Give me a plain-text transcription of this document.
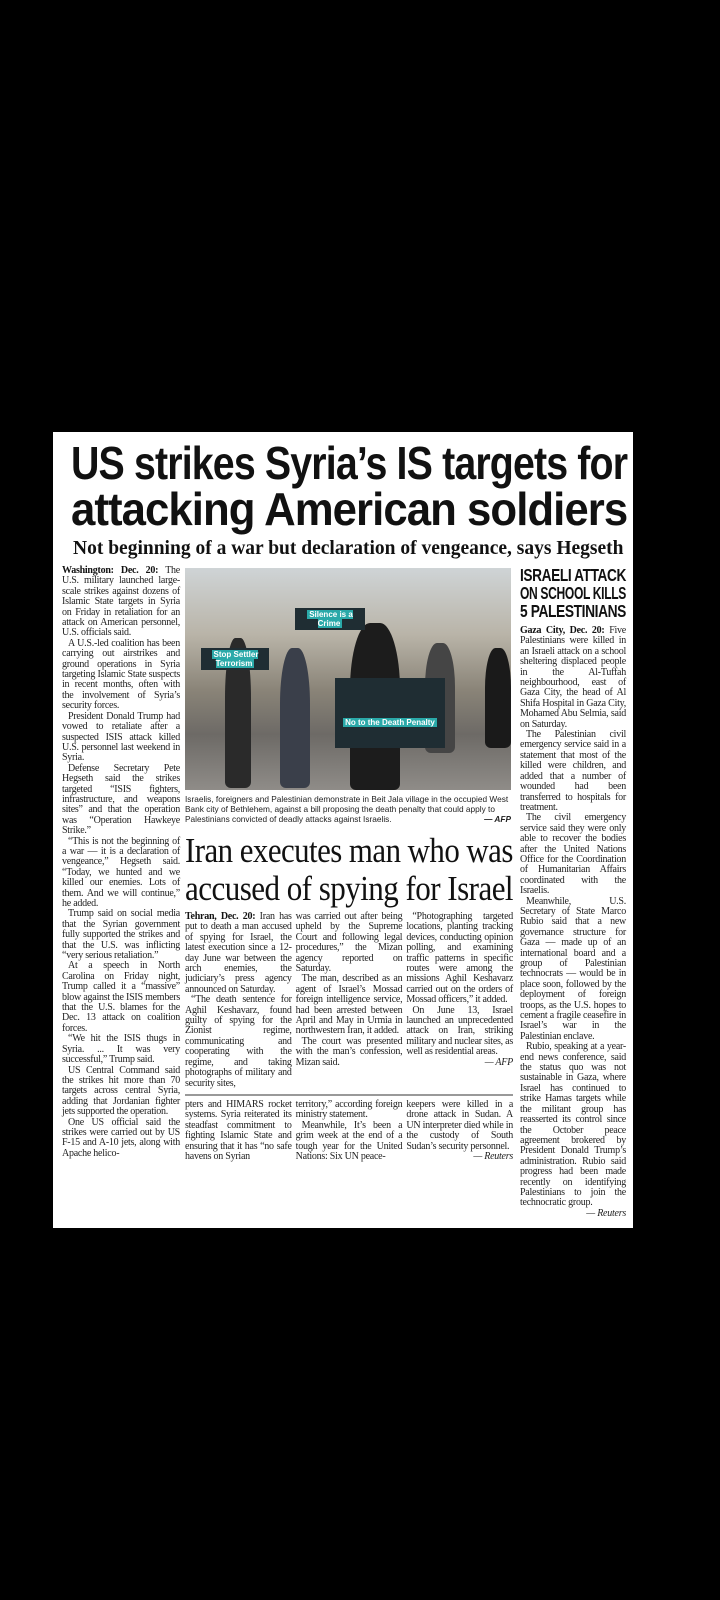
US strikes Syria’s IS targets for
attacking American soldiers
Not beginning of a war but declaration of vengeance, says Hegseth

Washington: Dec. 20: The U.S. military launched large-scale strikes against dozens of Islamic State targets in Syria on Friday in retaliation for an attack on American personnel, U.S. officials said.

A U.S.-led coalition has been carrying out airstrikes and ground operations in Syria targeting Islamic State suspects in recent months, often with the involvement of Syria’s security forces.

President Donald Trump had vowed to retaliate after a suspected ISIS attack killed U.S. personnel last weekend in Syria.

Defense Secretary Pete Hegseth said the strikes targeted “ISIS fighters, infrastructure, and weapons sites” and that the operation was “Operation Hawkeye Strike.”

“This is not the beginning of a war — it is a declaration of vengeance,” Hegseth said. “Today, we hunted and we killed our enemies. Lots of them. And we will continue,” he added.

Trump said on social media that the Syrian government fully supported the strikes and that the U.S. was inflicting “very serious retaliation.”

At a speech in North Carolina on Friday night, Trump called it a “massive” blow against the ISIS members that the U.S. blames for the Dec. 13 attack on coalition forces.

“We hit the ISIS thugs in Syria. ... It was very successful,” Trump said.

US Central Command said the strikes hit more than 70 targets across central Syria, adding that Jordanian fighter jets supported the operation.

One US official said the strikes were carried out by US F-15 and A-10 jets, along with Apache helico-

Silence is a Crime
Stop Settler Terrorism
No to the Death Penalty
Israelis, foreigners and Palestinian demonstrate in Beit Jala village in the occupied West Bank city of Bethlehem, against a bill proposing the death penalty that could apply to Palestinians convicted of deadly attacks against Israelis.	— AFP
Iran executes man who was
accused of spying for Israel

Tehran, Dec. 20: Iran has put to death a man accused of spying for Israel, the latest execution since a 12-day June war between the arch enemies, the judiciary’s press agency announced on Saturday.

“The death sentence for Aghil Keshavarz, found guilty of spying for the Zionist regime, communicating and cooperating with the regime, and taking photographs of military and security sites,

was carried out after being upheld by the Supreme Court and following legal procedures,” the Mizan agency reported on Saturday.

The man, described as an agent of Israel’s Mossad foreign intelligence service, had been arrested between April and May in Urmia in northwestern Iran, it added.

The court was presented with the man’s confession, Mizan said.

“Photographing targeted locations, planting tracking devices, conducting opinion polling, and examining traffic patterns in specific routes were among the missions Aghil Keshavarz carried out on the orders of Mossad officers,” it added.

On June 13, Israel launched an unprecedented attack on Iran, striking military and nuclear sites, as well as residential areas.
— AFP

pters and HIMARS rocket systems. Syria reiterated its steadfast commitment to fighting Islamic State and ensuring that it has “no safe havens on Syrian

territory,” according foreign ministry statement.

Meanwhile, It’s been a grim week at the end of a tough year for the United Nations: Six UN peace-

keepers were killed in a drone attack in Sudan. A UN interpreter died while in the custody of South Sudan’s security personnel.
— Reuters

ISRAELI ATTACK
ON SCHOOL KILLS
5 PALESTINIANS

Gaza City, Dec. 20: Five Palestinians were killed in an Israeli attack on a school sheltering displaced people in the Al-Tuffah neighbourhood, east of Gaza City, the head of Al Shifa Hospital in Gaza City, Mohamed Abu Selmia, said on Saturday.

The Palestinian civil emergency service said in a statement that most of the killed were children, and added that a number of wounded had been transferred to hospitals for treatment.

The civil emergency service said they were only able to recover the bodies after the United Nations Office for the Coordination of Humanitarian Affairs coordinated with the Israelis.

Meanwhile, U.S. Secretary of State Marco Rubio said that a new governance structure for Gaza — made up of an international board and a group of Palestinian technocrats — would be in place soon, followed by the deployment of foreign troops, as the U.S. hopes to cement a fragile ceasefire in Israel’s war in the Palestinian enclave.

Rubio, speaking at a year-end news conference, said the status quo was not sustainable in Gaza, where Israel has continued to strike Hamas targets while the militant group has reasserted its control since the October peace agreement brokered by President Donald Trump’s administration. Rubio said progress had been made recently on identifying Palestinians to join the technocratic group.
— Reuters
